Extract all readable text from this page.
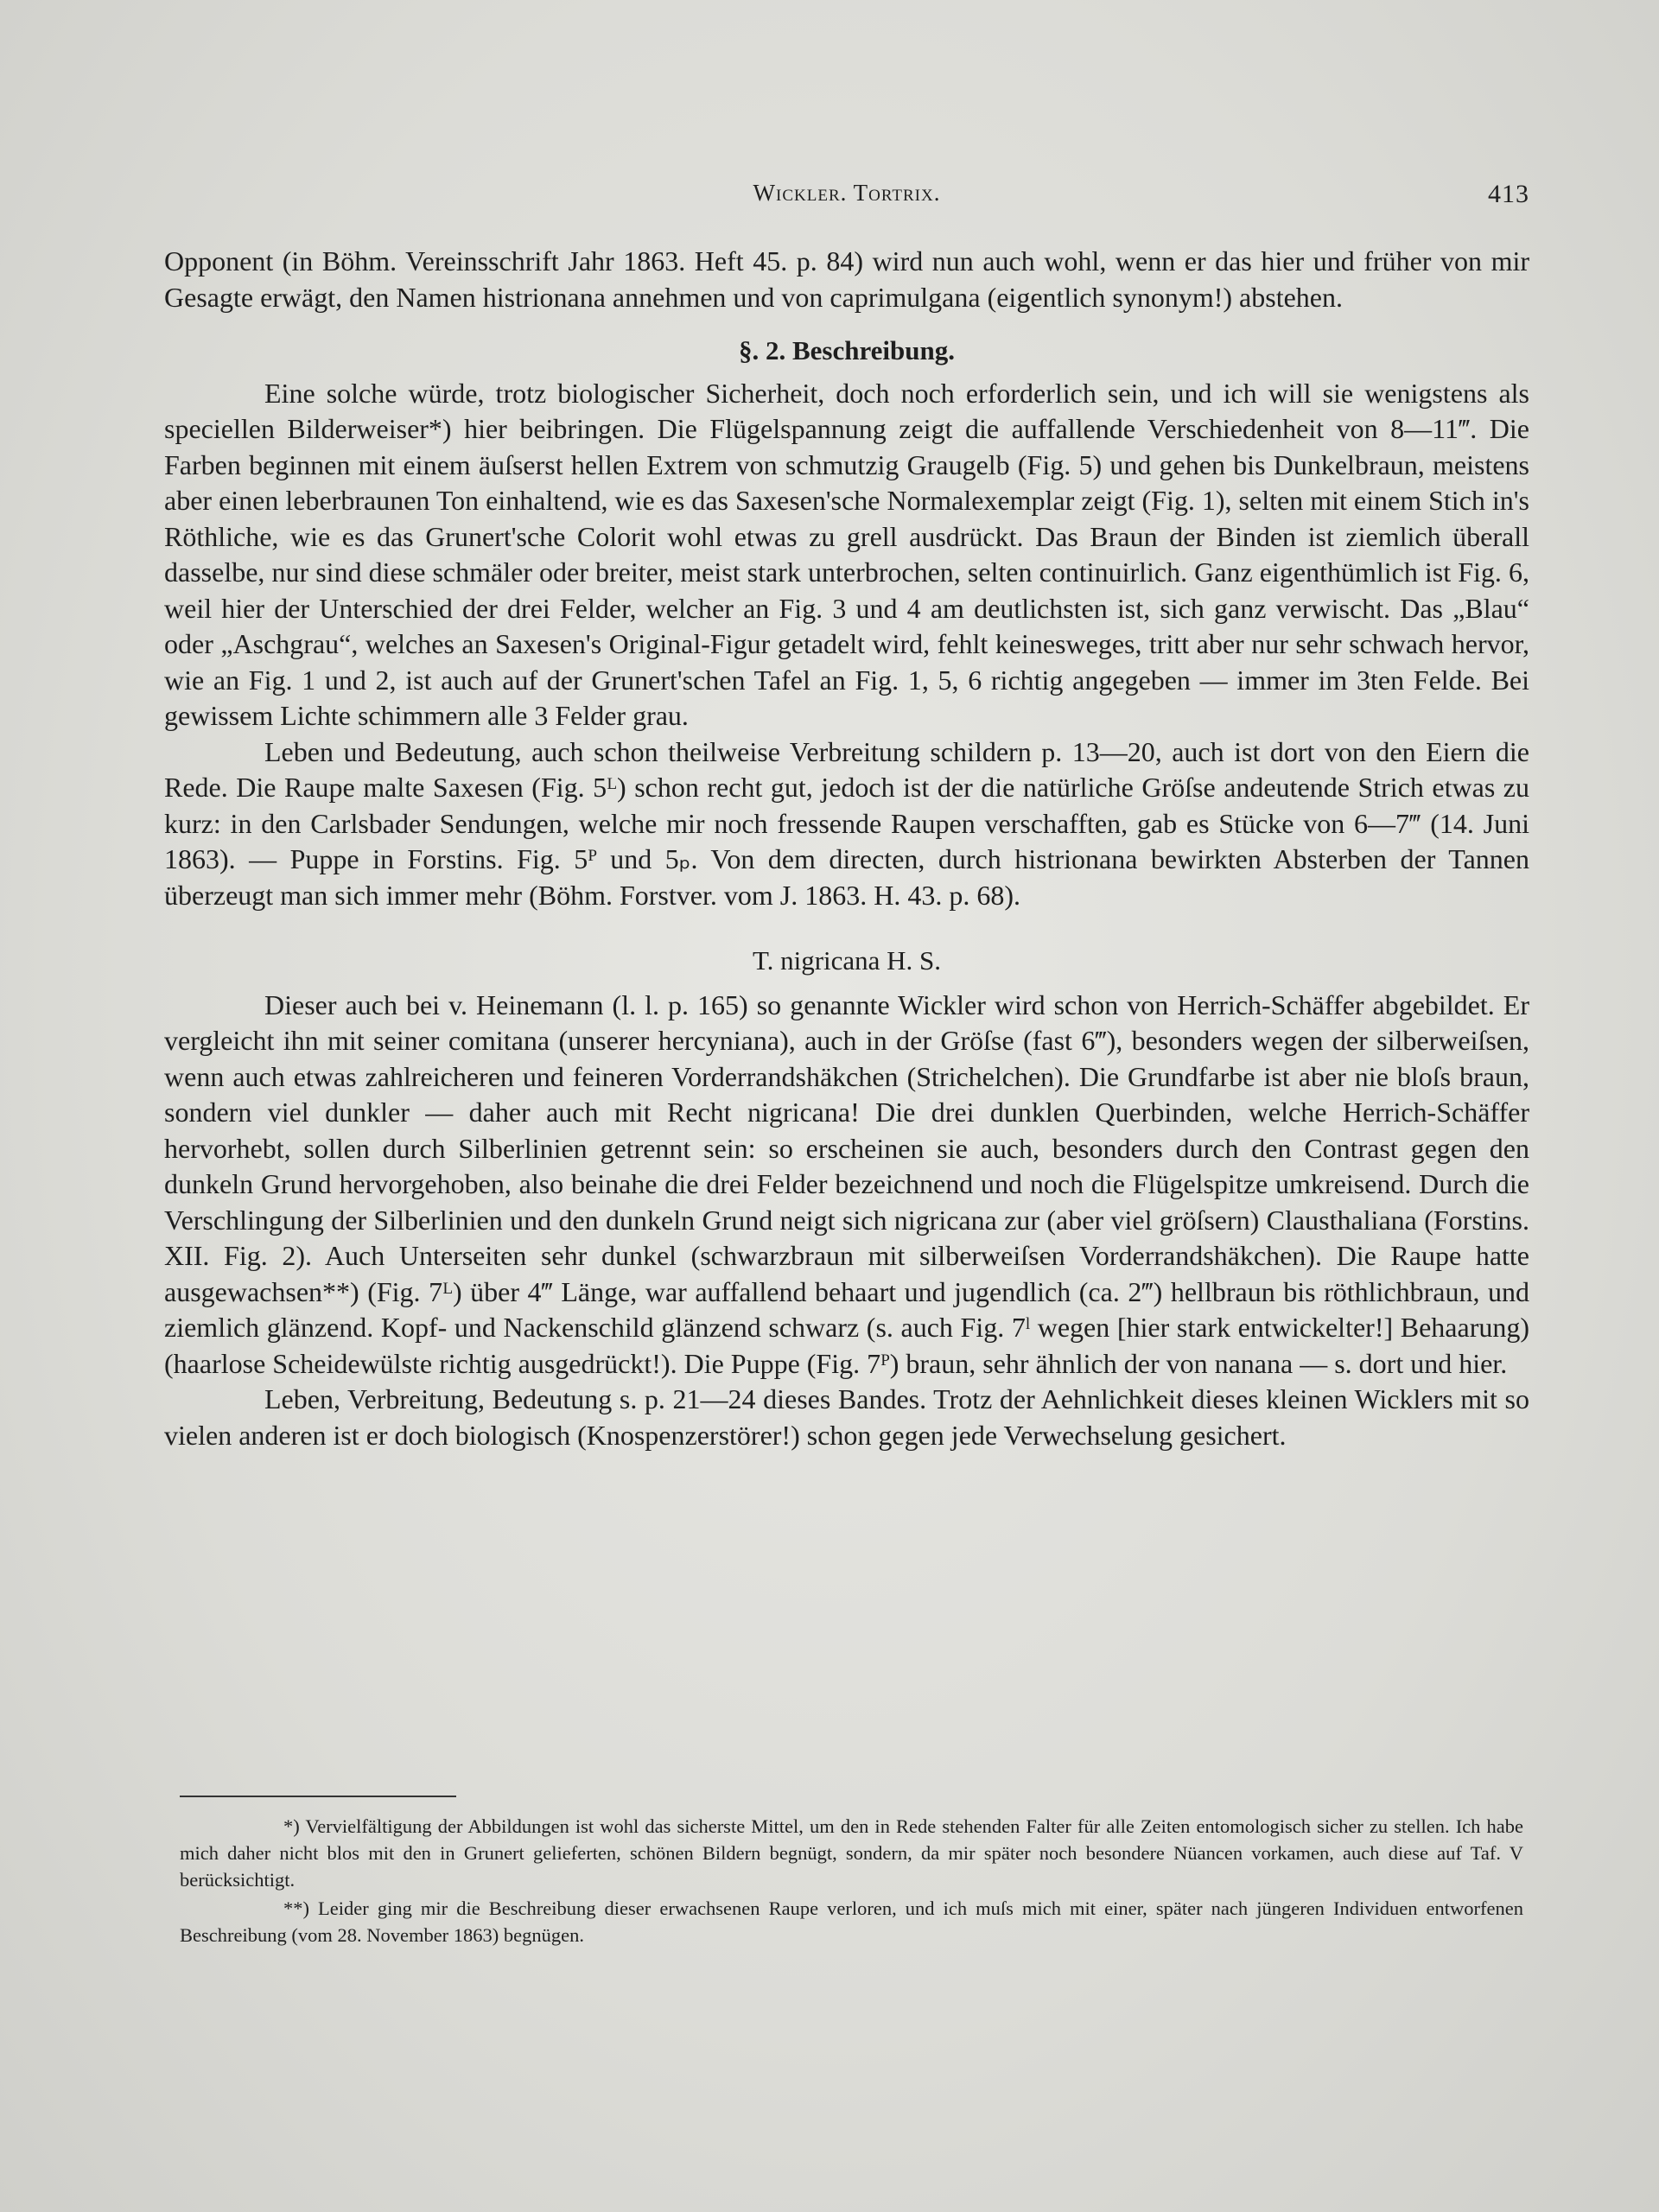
Wickler. Tortrix.	413

Opponent (in Böhm. Vereinsschrift Jahr 1863. Heft 45. p. 84) wird nun auch wohl, wenn er das hier und früher von mir Gesagte erwägt, den Namen histrionana annehmen und von caprimulgana (eigentlich synonym!) abstehen.

§. 2. Beschreibung.

Eine solche würde, trotz biologischer Sicherheit, doch noch erforderlich sein, und ich will sie wenigstens als speciellen Bilderweiser*) hier beibringen. Die Flügelspannung zeigt die auffallende Verschiedenheit von 8—11‴. Die Farben beginnen mit einem äuſserst hellen Extrem von schmutzig Graugelb (Fig. 5) und gehen bis Dunkelbraun, meistens aber einen leberbraunen Ton einhaltend, wie es das Saxesen'sche Normalexemplar zeigt (Fig. 1), selten mit einem Stich in's Röthliche, wie es das Grunert'sche Colorit wohl etwas zu grell ausdrückt. Das Braun der Binden ist ziemlich überall dasselbe, nur sind diese schmäler oder breiter, meist stark unterbrochen, selten continuirlich. Ganz eigenthümlich ist Fig. 6, weil hier der Unterschied der drei Felder, welcher an Fig. 3 und 4 am deutlichsten ist, sich ganz verwischt. Das „Blau“ oder „Aschgrau“, welches an Saxesen's Original-Figur getadelt wird, fehlt keinesweges, tritt aber nur sehr schwach hervor, wie an Fig. 1 und 2, ist auch auf der Grunert'schen Tafel an Fig. 1, 5, 6 richtig angegeben — immer im 3ten Felde. Bei gewissem Lichte schimmern alle 3 Felder grau.

Leben und Bedeutung, auch schon theilweise Verbreitung schildern p. 13—20, auch ist dort von den Eiern die Rede. Die Raupe malte Saxesen (Fig. 5ᴸ) schon recht gut, jedoch ist der die natürliche Gröſse andeutende Strich etwas zu kurz: in den Carlsbader Sendungen, welche mir noch fressende Raupen verschafften, gab es Stücke von 6—7‴ (14. Juni 1863). — Puppe in Forstins. Fig. 5ᴾ und 5ₚ. Von dem directen, durch histrionana bewirkten Absterben der Tannen überzeugt man sich immer mehr (Böhm. Forstver. vom J. 1863. H. 43. p. 68).

T. nigricana H. S.

Dieser auch bei v. Heinemann (l. l. p. 165) so genannte Wickler wird schon von Herrich-Schäffer abgebildet. Er vergleicht ihn mit seiner comitana (unserer hercyniana), auch in der Gröſse (fast 6‴), besonders wegen der silberweiſsen, wenn auch etwas zahlreicheren und feineren Vorderrandshäkchen (Strichelchen). Die Grundfarbe ist aber nie bloſs braun, sondern viel dunkler — daher auch mit Recht nigricana! Die drei dunklen Querbinden, welche Herrich-Schäffer hervorhebt, sollen durch Silberlinien getrennt sein: so erscheinen sie auch, besonders durch den Contrast gegen den dunkeln Grund hervorgehoben, also beinahe die drei Felder bezeichnend und noch die Flügelspitze umkreisend. Durch die Verschlingung der Silberlinien und den dunkeln Grund neigt sich nigricana zur (aber viel gröſsern) Clausthaliana (Forstins. XII. Fig. 2). Auch Unterseiten sehr dunkel (schwarzbraun mit silberweiſsen Vorderrandshäkchen). Die Raupe hatte ausgewachsen**) (Fig. 7ᴸ) über 4‴ Länge, war auffallend behaart und jugendlich (ca. 2‴) hellbraun bis röthlichbraun, und ziemlich glänzend. Kopf- und Nackenschild glänzend schwarz (s. auch Fig. 7ˡ wegen [hier stark entwickelter!] Behaarung) (haarlose Scheidewülste richtig ausgedrückt!). Die Puppe (Fig. 7ᴾ) braun, sehr ähnlich der von nanana — s. dort und hier.

Leben, Verbreitung, Bedeutung s. p. 21—24 dieses Bandes. Trotz der Aehnlichkeit dieses kleinen Wicklers mit so vielen anderen ist er doch biologisch (Knospenzerstörer!) schon gegen jede Verwechselung gesichert.

*) Vervielfältigung der Abbildungen ist wohl das sicherste Mittel, um den in Rede stehenden Falter für alle Zeiten entomologisch sicher zu stellen. Ich habe mich daher nicht blos mit den in Grunert gelieferten, schönen Bildern begnügt, sondern, da mir später noch besondere Nüancen vorkamen, auch diese auf Taf. V berücksichtigt.

**) Leider ging mir die Beschreibung dieser erwachsenen Raupe verloren, und ich muſs mich mit einer, später nach jüngeren Individuen entworfenen Beschreibung (vom 28. November 1863) begnügen.
